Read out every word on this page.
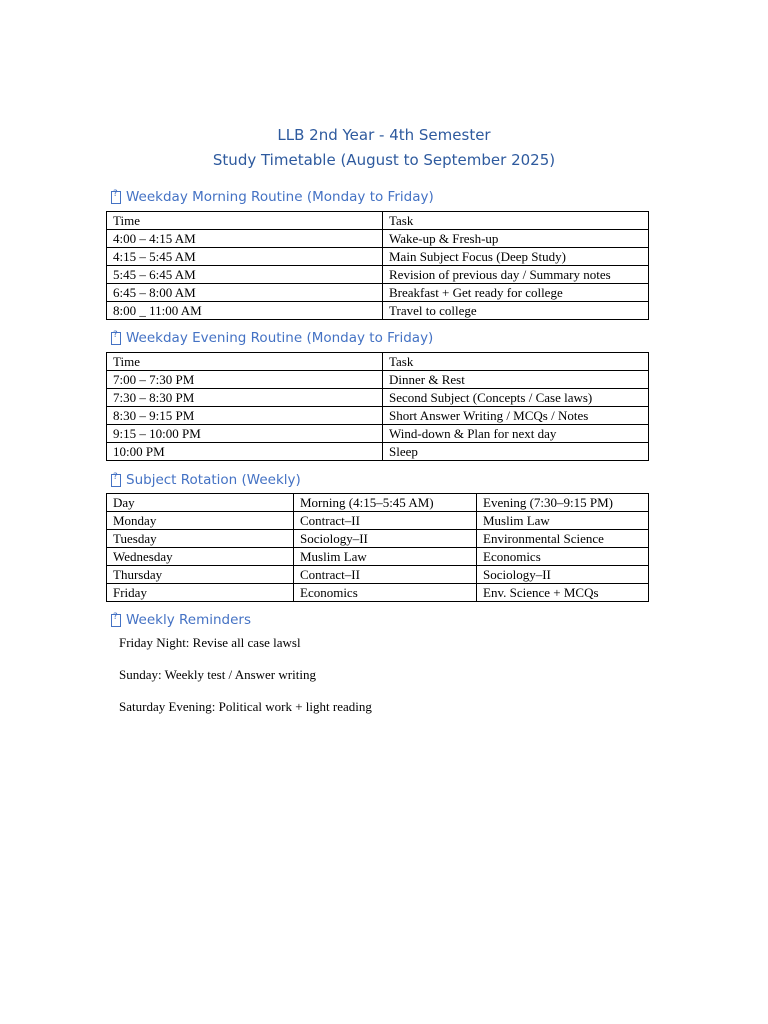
LLB 2nd Year - 4th Semester
Study Timetable (August to September 2025)
?
Weekday Morning Routine (Monday to Friday)
Time	Task
4:00 – 4:15 AM	Wake-up & Fresh-up
4:15 – 5:45 AM	Main Subject Focus (Deep Study)
5:45 – 6:45 AM	Revision of previous day / Summary notes
6:45 – 8:00 AM	Breakfast + Get ready for college
8:00 _ 11:00 AM	Travel to college
?
Weekday Evening Routine (Monday to Friday)
Time	Task
7:00 – 7:30 PM	Dinner & Rest
7:30 – 8:30 PM	Second Subject (Concepts / Case laws)
8:30 – 9:15 PM	Short Answer Writing / MCQs / Notes
9:15 – 10:00 PM	Wind-down & Plan for next day
10:00 PM	Sleep
?
Subject Rotation (Weekly)
Day	Morning (4:15–5:45 AM)	Evening (7:30–9:15 PM)
Monday	Contract–II	Muslim Law
Tuesday	Sociology–II	Environmental Science
Wednesday	Muslim Law	Economics
Thursday	Contract–II	Sociology–II
Friday	Economics	Env. Science + MCQs
?
Weekly Reminders
Friday Night: Revise all case lawsl
Sunday: Weekly test / Answer writing
Saturday Evening: Political work + light reading
